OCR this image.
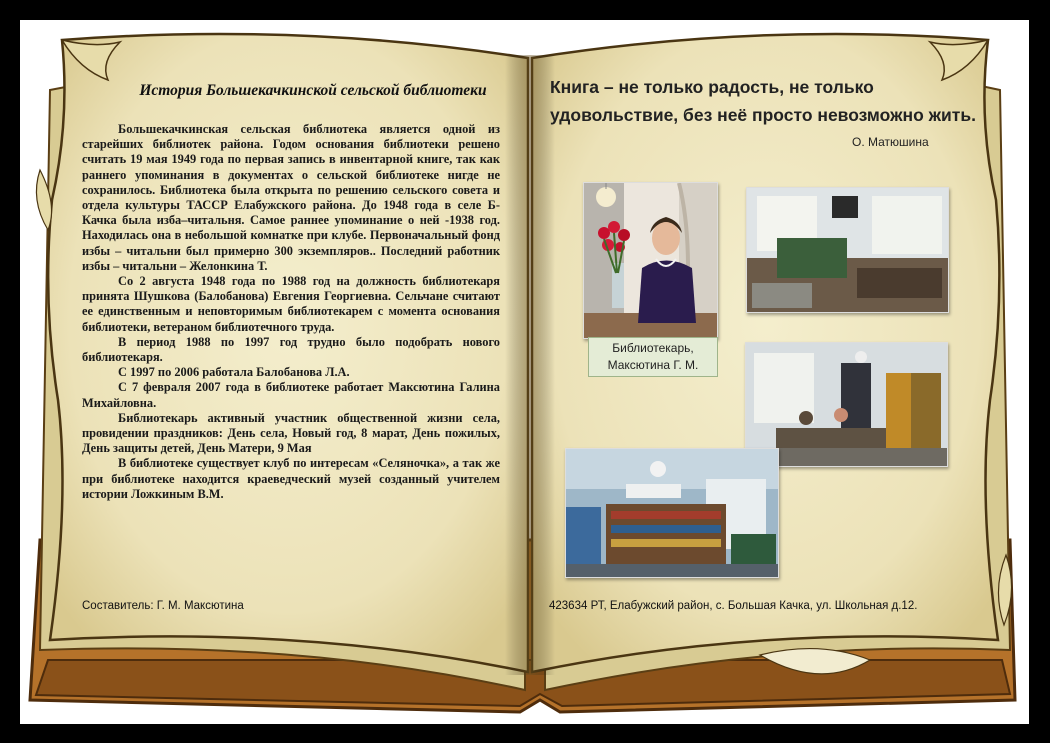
История Большекачкинской сельской библиотеки

Большекачкинская сельская библиотека является одной из старейших библиотек района. Годом основания библиотеки решено считать 19 мая 1949 года по первая запись в инвентарной книге, так как раннего упоминания в документах о сельской библиотеке нигде не сохранилось. Библиотека была открыта по решению сельского совета и отдела культуры ТАССР Елабужского района. До 1948 года в селе Б-Качка была изба–читальня. Самое раннее упоминание о ней -1938 год. Находилась она в небольшой комнатке при клубе. Первоначальный фонд избы – читальни был примерно 300 экземпляров.. Последний работник избы – читальни – Желонкина Т.

Со 2 августа 1948 года по 1988 год на должность библиотекаря принята Шушкова (Балобанова) Евгения Георгиевна. Сельчане считают ее единственным и неповторимым библиотекарем с момента основания библиотеки, ветераном библиотечного труда.

В период 1988 по 1997 год трудно было подобрать нового библиотекаря.

С 1997 по 2006 работала Балобанова Л.А.

С 7 февраля 2007 года в библиотеке работает Максютина Галина Михайловна.

Библиотекарь активный участник общественной жизни села, провидении праздников: День села, Новый год, 8 марат, День пожилых, День защиты детей, День Матери, 9 Мая

В библиотеке существует клуб по интересам «Селяночка», а так же при библиотеке находится краеведческий музей созданный учителем истории Ложкиным В.М.

Составитель: Г. М. Максютина
Книга – не только радость, не только удовольствие, без неё просто невозможно жить.
О. Матюшина
Библиотекарь, Максютина Г. М.
423634 РТ, Елабужский район, с. Большая Качка, ул. Школьная д.12.
